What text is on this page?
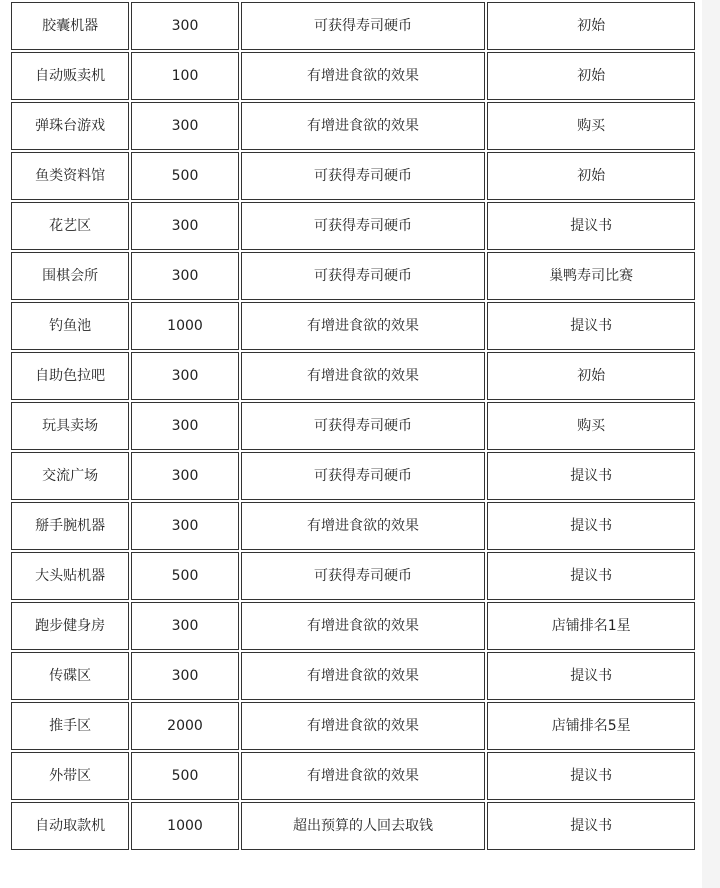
胶囊机器	300	可获得寿司硬币	初始
自动贩卖机	100	有增进食欲的效果	初始
弹珠台游戏	300	有增进食欲的效果	购买
鱼类资料馆	500	可获得寿司硬币	初始
花艺区	300	可获得寿司硬币	提议书
围棋会所	300	可获得寿司硬币	巢鸭寿司比赛
钓鱼池	1000	有增进食欲的效果	提议书
自助色拉吧	300	有增进食欲的效果	初始
玩具卖场	300	可获得寿司硬币	购买
交流广场	300	可获得寿司硬币	提议书
掰手腕机器	300	有增进食欲的效果	提议书
大头贴机器	500	可获得寿司硬币	提议书
跑步健身房	300	有增进食欲的效果	店铺排名1星
传碟区	300	有增进食欲的效果	提议书
推手区	2000	有增进食欲的效果	店铺排名5星
外带区	500	有增进食欲的效果	提议书
自动取款机	1000	超出预算的人回去取钱	提议书
